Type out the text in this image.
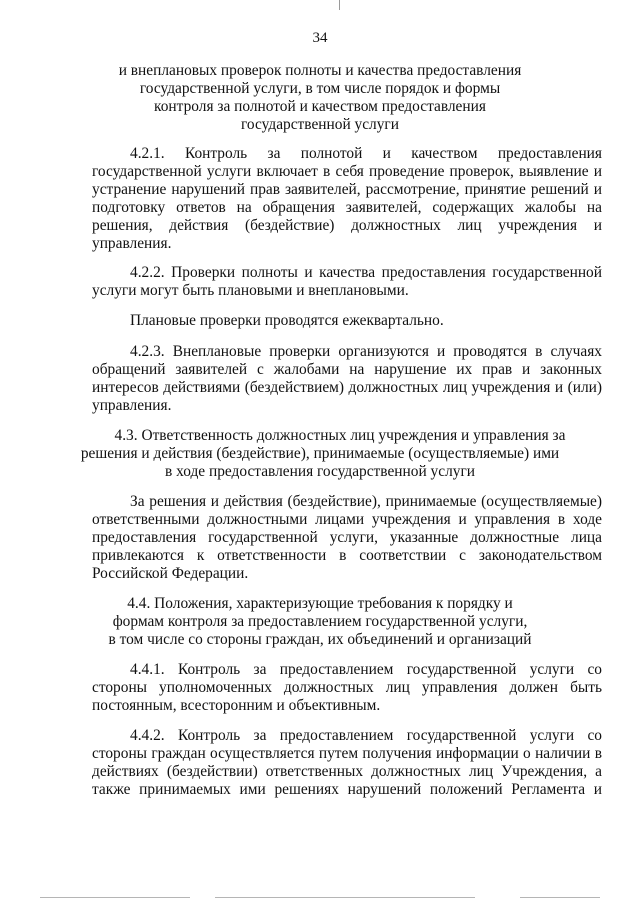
34
и внеплановых проверок полноты и качества предоставления
государственной услуги, в том числе порядок и формы
контроля за полнотой и качеством предоставления
государственной услуги
4.2.1. Контроль за полнотой и качеством предоставления
государственной услуги включает в себя проведение проверок, выявление и
устранение нарушений прав заявителей, рассмотрение, принятие решений и
подготовку ответов на обращения заявителей, содержащих жалобы на
решения, действия (бездействие) должностных лиц учреждения и
управления.
4.2.2. Проверки полноты и качества предоставления государственной
услуги могут быть плановыми и внеплановыми.
Плановые проверки проводятся ежеквартально.
4.2.3. Внеплановые проверки организуются и проводятся в случаях
обращений заявителей с жалобами на нарушение их прав и законных
интересов действиями (бездействием) должностных лиц учреждения и (или)
управления.
4.3. Ответственность должностных лиц учреждения и управления за
решения и действия (бездействие), принимаемые (осуществляемые) ими
в ходе предоставления государственной услуги
За решения и действия (бездействие), принимаемые (осуществляемые)
ответственными должностными лицами учреждения и управления в ходе
предоставления государственной услуги, указанные должностные лица
привлекаются к ответственности в соответствии с законодательством
Российской Федерации.
4.4. Положения, характеризующие требования к порядку и
формам контроля за предоставлением государственной услуги,
в том числе со стороны граждан, их объединений и организаций
4.4.1. Контроль за предоставлением государственной услуги со
стороны уполномоченных должностных лиц управления должен быть
постоянным, всесторонним и объективным.
4.4.2. Контроль за предоставлением государственной услуги со
стороны граждан осуществляется путем получения информации о наличии в
действиях (бездействии) ответственных должностных лиц Учреждения, а
также принимаемых ими решениях нарушений положений Регламента и
